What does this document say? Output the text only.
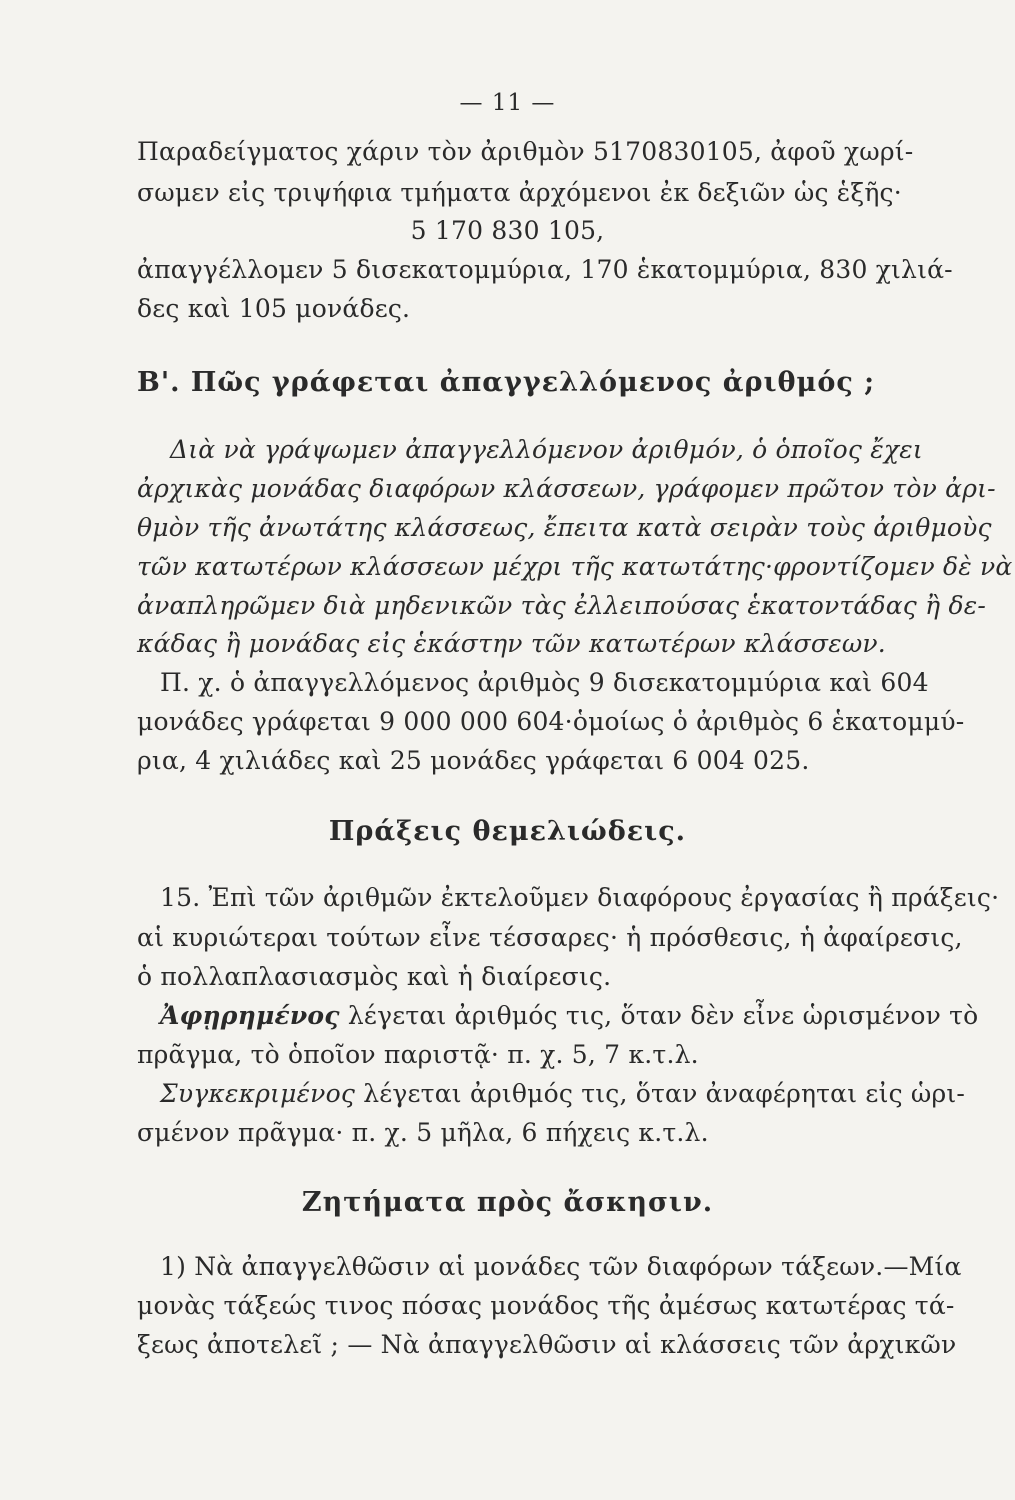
— 11 —
Παραδείγματος χάριν τὸν ἀριθμὸν 5170830105, ἀφοῦ χωρί-
σωμεν εἰς τριψήφια τμήματα ἀρχόμενοι ἐκ δεξιῶν ὡς ἑξῆς·
5 170 830 105,
ἀπαγγέλλομεν 5 δισεκατομμύρια, 170 ἑκατομμύρια, 830 χιλιά-
δες καὶ 105 μονάδες.
Β'. Πῶς γράφεται ἀπαγγελλόμενος ἀριθμός ;
Διὰ νὰ γράψωμεν ἀπαγγελλόμενον ἀριθμόν, ὁ ὁποῖος ἔχει
ἀρχικὰς μονάδας διαφόρων κλάσσεων, γράφομεν πρῶτον τὸν ἀρι-
θμὸν τῆς ἀνωτάτης κλάσσεως, ἔπειτα κατὰ σειρὰν τοὺς ἀριθμοὺς
τῶν κατωτέρων κλάσσεων μέχρι τῆς κατωτάτης·φροντίζομεν δὲ νὰ
ἀναπληρῶμεν διὰ μηδενικῶν τὰς ἐλλειπούσας ἑκατοντάδας ἢ δε-
κάδας ἢ μονάδας εἰς ἑκάστην τῶν κατωτέρων κλάσσεων.
Π. χ. ὁ ἀπαγγελλόμενος ἀριθμὸς 9 δισεκατομμύρια καὶ 604
μονάδες γράφεται 9 000 000 604·ὁμοίως ὁ ἀριθμὸς 6 ἑκατομμύ-
ρια, 4 χιλιάδες καὶ 25 μονάδες γράφεται 6 004 025.
Πράξεις θεμελιώδεις.
15. Ἐπὶ τῶν ἀριθμῶν ἐκτελοῦμεν διαφόρους ἐργασίας ἢ πράξεις·
αἱ κυριώτεραι τούτων εἶνε τέσσαρες· ἡ πρόσθεσις, ἡ ἀφαίρεσις,
ὁ πολλαπλασιασμὸς καὶ ἡ διαίρεσις.
Ἀφῃρημένος λέγεται ἀριθμός τις, ὅταν δὲν εἶνε ὡρισμένον τὸ
πρᾶγμα, τὸ ὁποῖον παριστᾷ· π. χ. 5, 7 κ.τ.λ.
Συγκεκριμένος λέγεται ἀριθμός τις, ὅταν ἀναφέρηται εἰς ὡρι-
σμένον πρᾶγμα· π. χ. 5 μῆλα, 6 πήχεις κ.τ.λ.
Ζητήματα πρὸς ἄσκησιν.
1) Νὰ ἀπαγγελθῶσιν αἱ μονάδες τῶν διαφόρων τάξεων.—Μία
μονὰς τάξεώς τινος πόσας μονάδος τῆς ἀμέσως κατωτέρας τά-
ξεως ἀποτελεῖ ; — Νὰ ἀπαγγελθῶσιν αἱ κλάσσεις τῶν ἀρχικῶν
